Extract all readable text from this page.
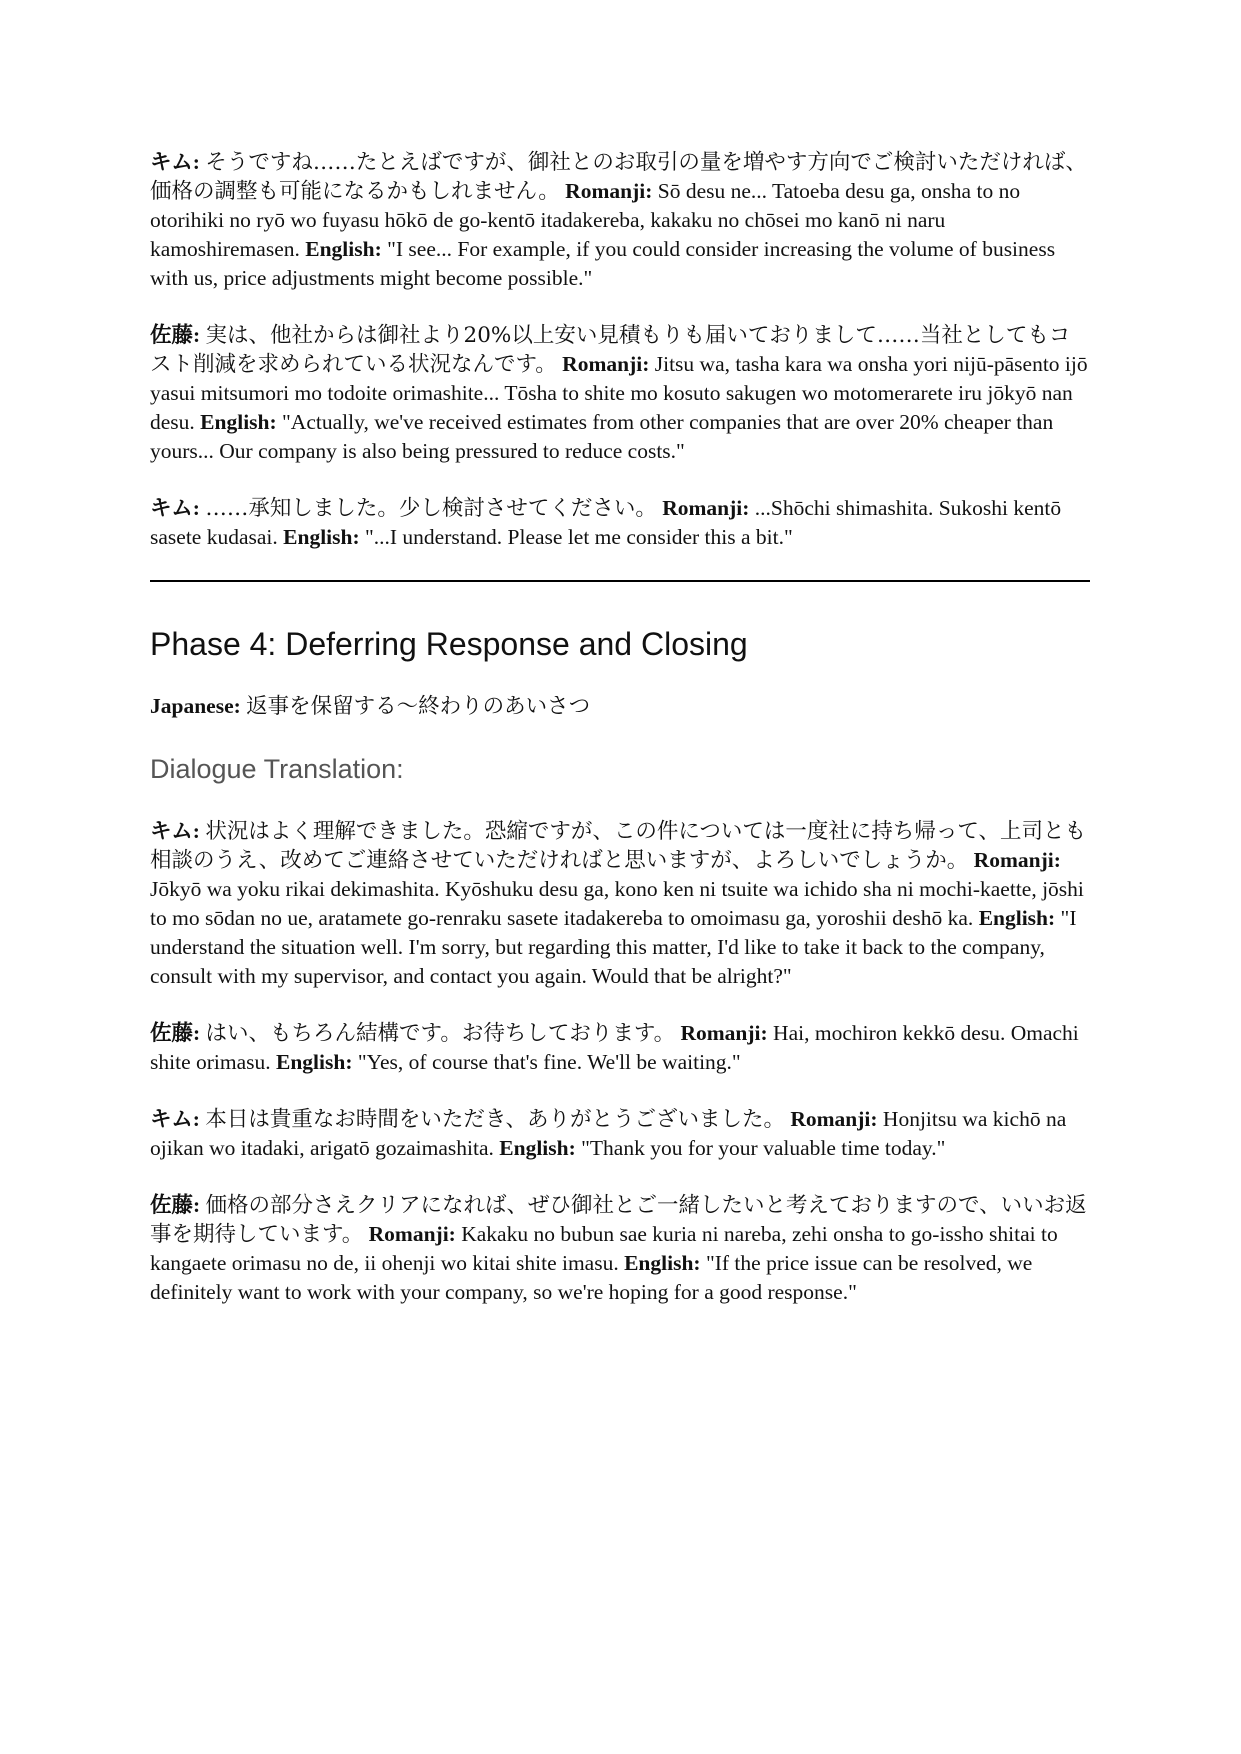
キム: そうですね……たとえばですが、御社とのお取引の量を増やす方向でご検討いただければ、価格の調整も可能になるかもしれません。 Romanji: Sō desu ne... Tatoeba desu ga, onsha to no otorihiki no ryō wo fuyasu hōkō de go-kentō itadakereba, kakaku no chōsei mo kanō ni naru kamoshiremasen. English: "I see... For example, if you could consider increasing the volume of business with us, price adjustments might become possible."

佐藤: 実は、他社からは御社より20%以上安い見積もりも届いておりまして……当社としてもコスト削減を求められている状況なんです。 Romanji: Jitsu wa, tasha kara wa onsha yori nijū-pāsento ijō yasui mitsumori mo todoite orimashite... Tōsha to shite mo kosuto sakugen wo motomerarete iru jōkyō nan desu. English: "Actually, we've received estimates from other companies that are over 20% cheaper than yours... Our company is also being pressured to reduce costs."

キム: ……承知しました。少し検討させてください。 Romanji: ...Shōchi shimashita. Sukoshi kentō sasete kudasai. English: "...I understand. Please let me consider this a bit."

Phase 4: Deferring Response and Closing

Japanese: 返事を保留する〜終わりのあいさつ

Dialogue Translation:

キム: 状況はよく理解できました。恐縮ですが、この件については一度社に持ち帰って、上司とも相談のうえ、改めてご連絡させていただければと思いますが、よろしいでしょうか。 Romanji: Jōkyō wa yoku rikai dekimashita. Kyōshuku desu ga, kono ken ni tsuite wa ichido sha ni mochi-kaette, jōshi to mo sōdan no ue, aratamete go-renraku sasete itadakereba to omoimasu ga, yoroshii deshō ka. English: "I understand the situation well. I'm sorry, but regarding this matter, I'd like to take it back to the company, consult with my supervisor, and contact you again. Would that be alright?"

佐藤: はい、もちろん結構です。お待ちしております。 Romanji: Hai, mochiron kekkō desu. Omachi shite orimasu. English: "Yes, of course that's fine. We'll be waiting."

キム: 本日は貴重なお時間をいただき、ありがとうございました。 Romanji: Honjitsu wa kichō na ojikan wo itadaki, arigatō gozaimashita. English: "Thank you for your valuable time today."

佐藤: 価格の部分さえクリアになれば、ぜひ御社とご一緒したいと考えておりますので、いいお返事を期待しています。 Romanji: Kakaku no bubun sae kuria ni nareba, zehi onsha to go-issho shitai to kangaete orimasu no de, ii ohenji wo kitai shite imasu. English: "If the price issue can be resolved, we definitely want to work with your company, so we're hoping for a good response."
